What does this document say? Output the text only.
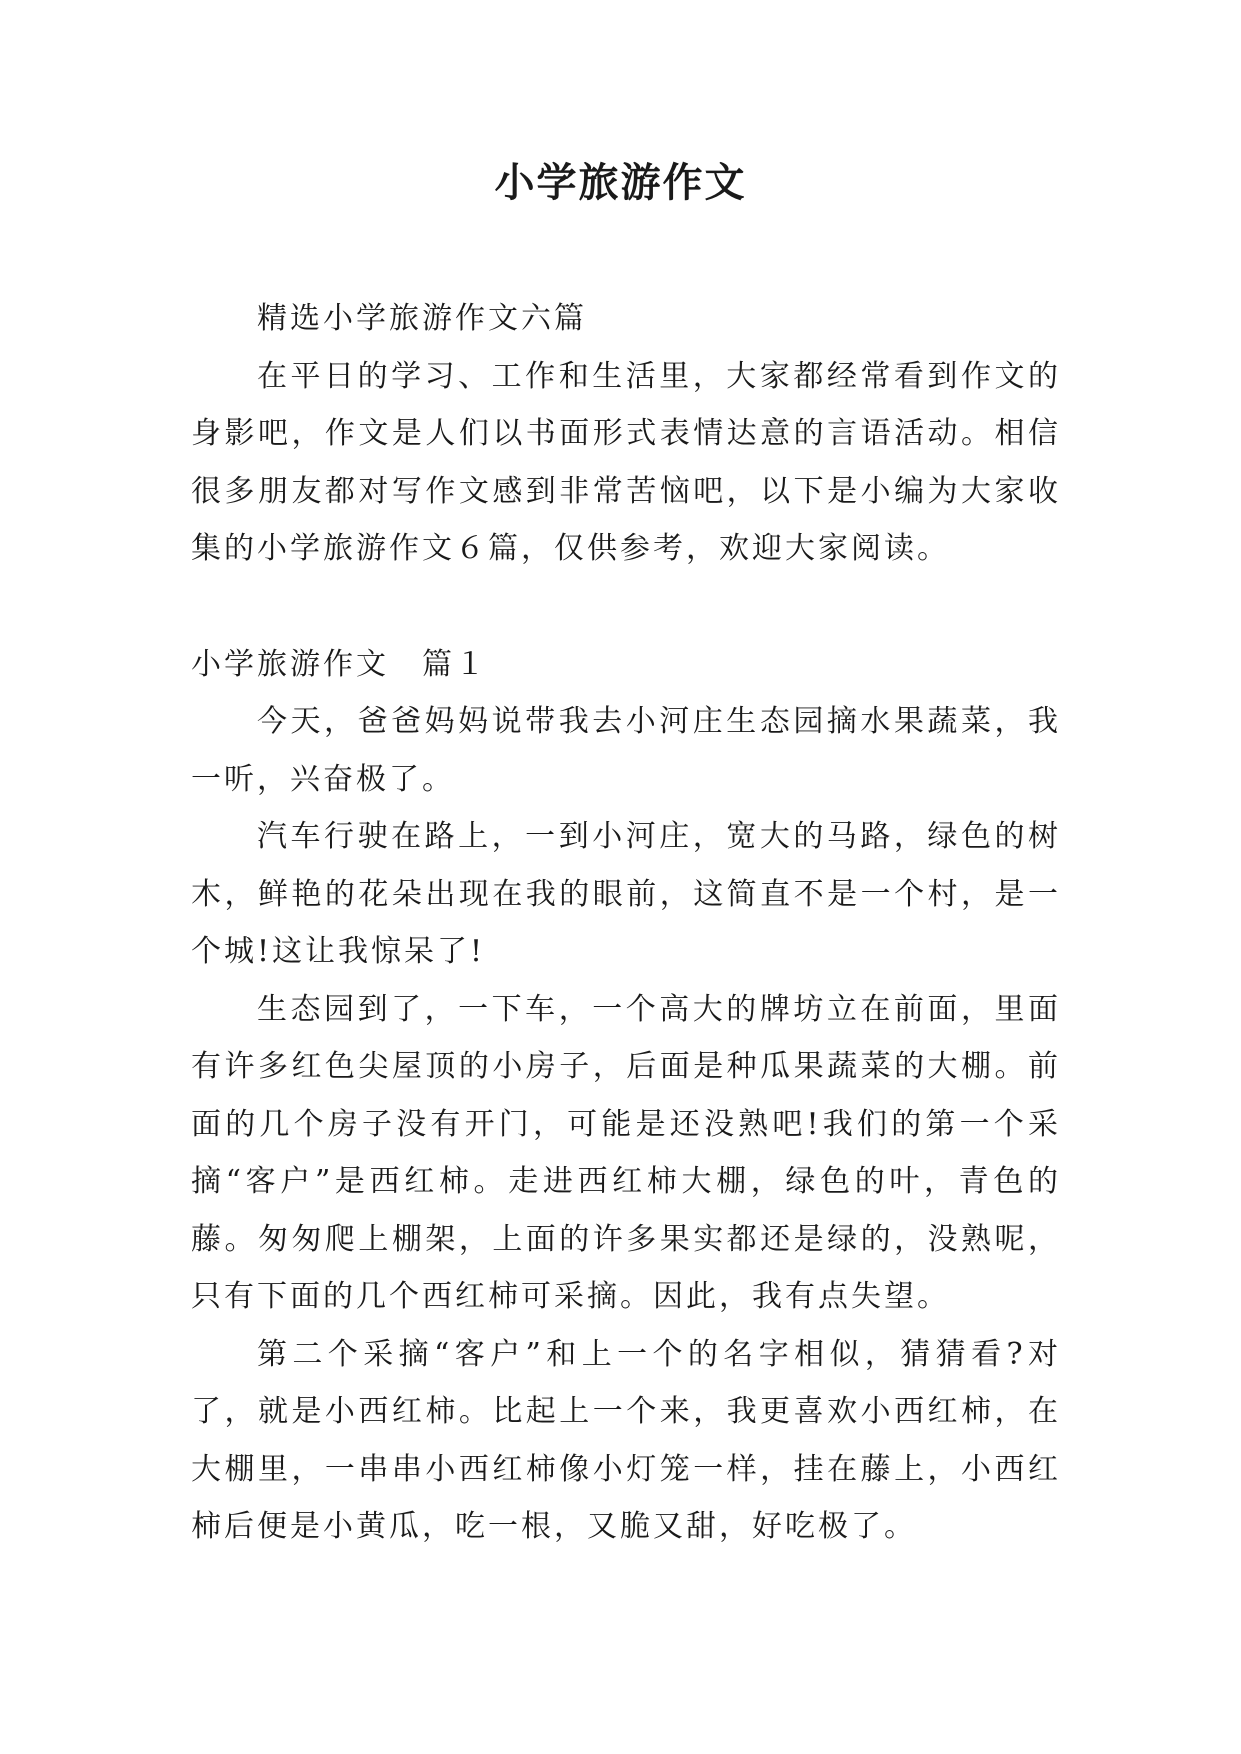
小学旅游作文

精选小学旅游作文六篇

在平日的学习、工作和生活里，大家都经常看到作文的身影吧，作文是人们以书面形式表情达意的言语活动。相信很多朋友都对写作文感到非常苦恼吧，以下是小编为大家收集的小学旅游作文６篇，仅供参考，欢迎大家阅读。

小学旅游作文　篇１

今天，爸爸妈妈说带我去小河庄生态园摘水果蔬菜，我一听，兴奋极了。

汽车行驶在路上，一到小河庄，宽大的马路，绿色的树木，鲜艳的花朵出现在我的眼前，这简直不是一个村，是一个城!这让我惊呆了!

生态园到了，一下车，一个高大的牌坊立在前面，里面有许多红色尖屋顶的小房子，后面是种瓜果蔬菜的大棚。前面的几个房子没有开门，可能是还没熟吧!我们的第一个采摘“客户”是西红柿。走进西红柿大棚，绿色的叶，青色的藤。匆匆爬上棚架，上面的许多果实都还是绿的，没熟呢，只有下面的几个西红柿可采摘。因此，我有点失望。

第二个采摘“客户”和上一个的名字相似，猜猜看?对了，就是小西红柿。比起上一个来，我更喜欢小西红柿，在大棚里，一串串小西红柿像小灯笼一样，挂在藤上，小西红柿后便是小黄瓜，吃一根，又脆又甜，好吃极了。
